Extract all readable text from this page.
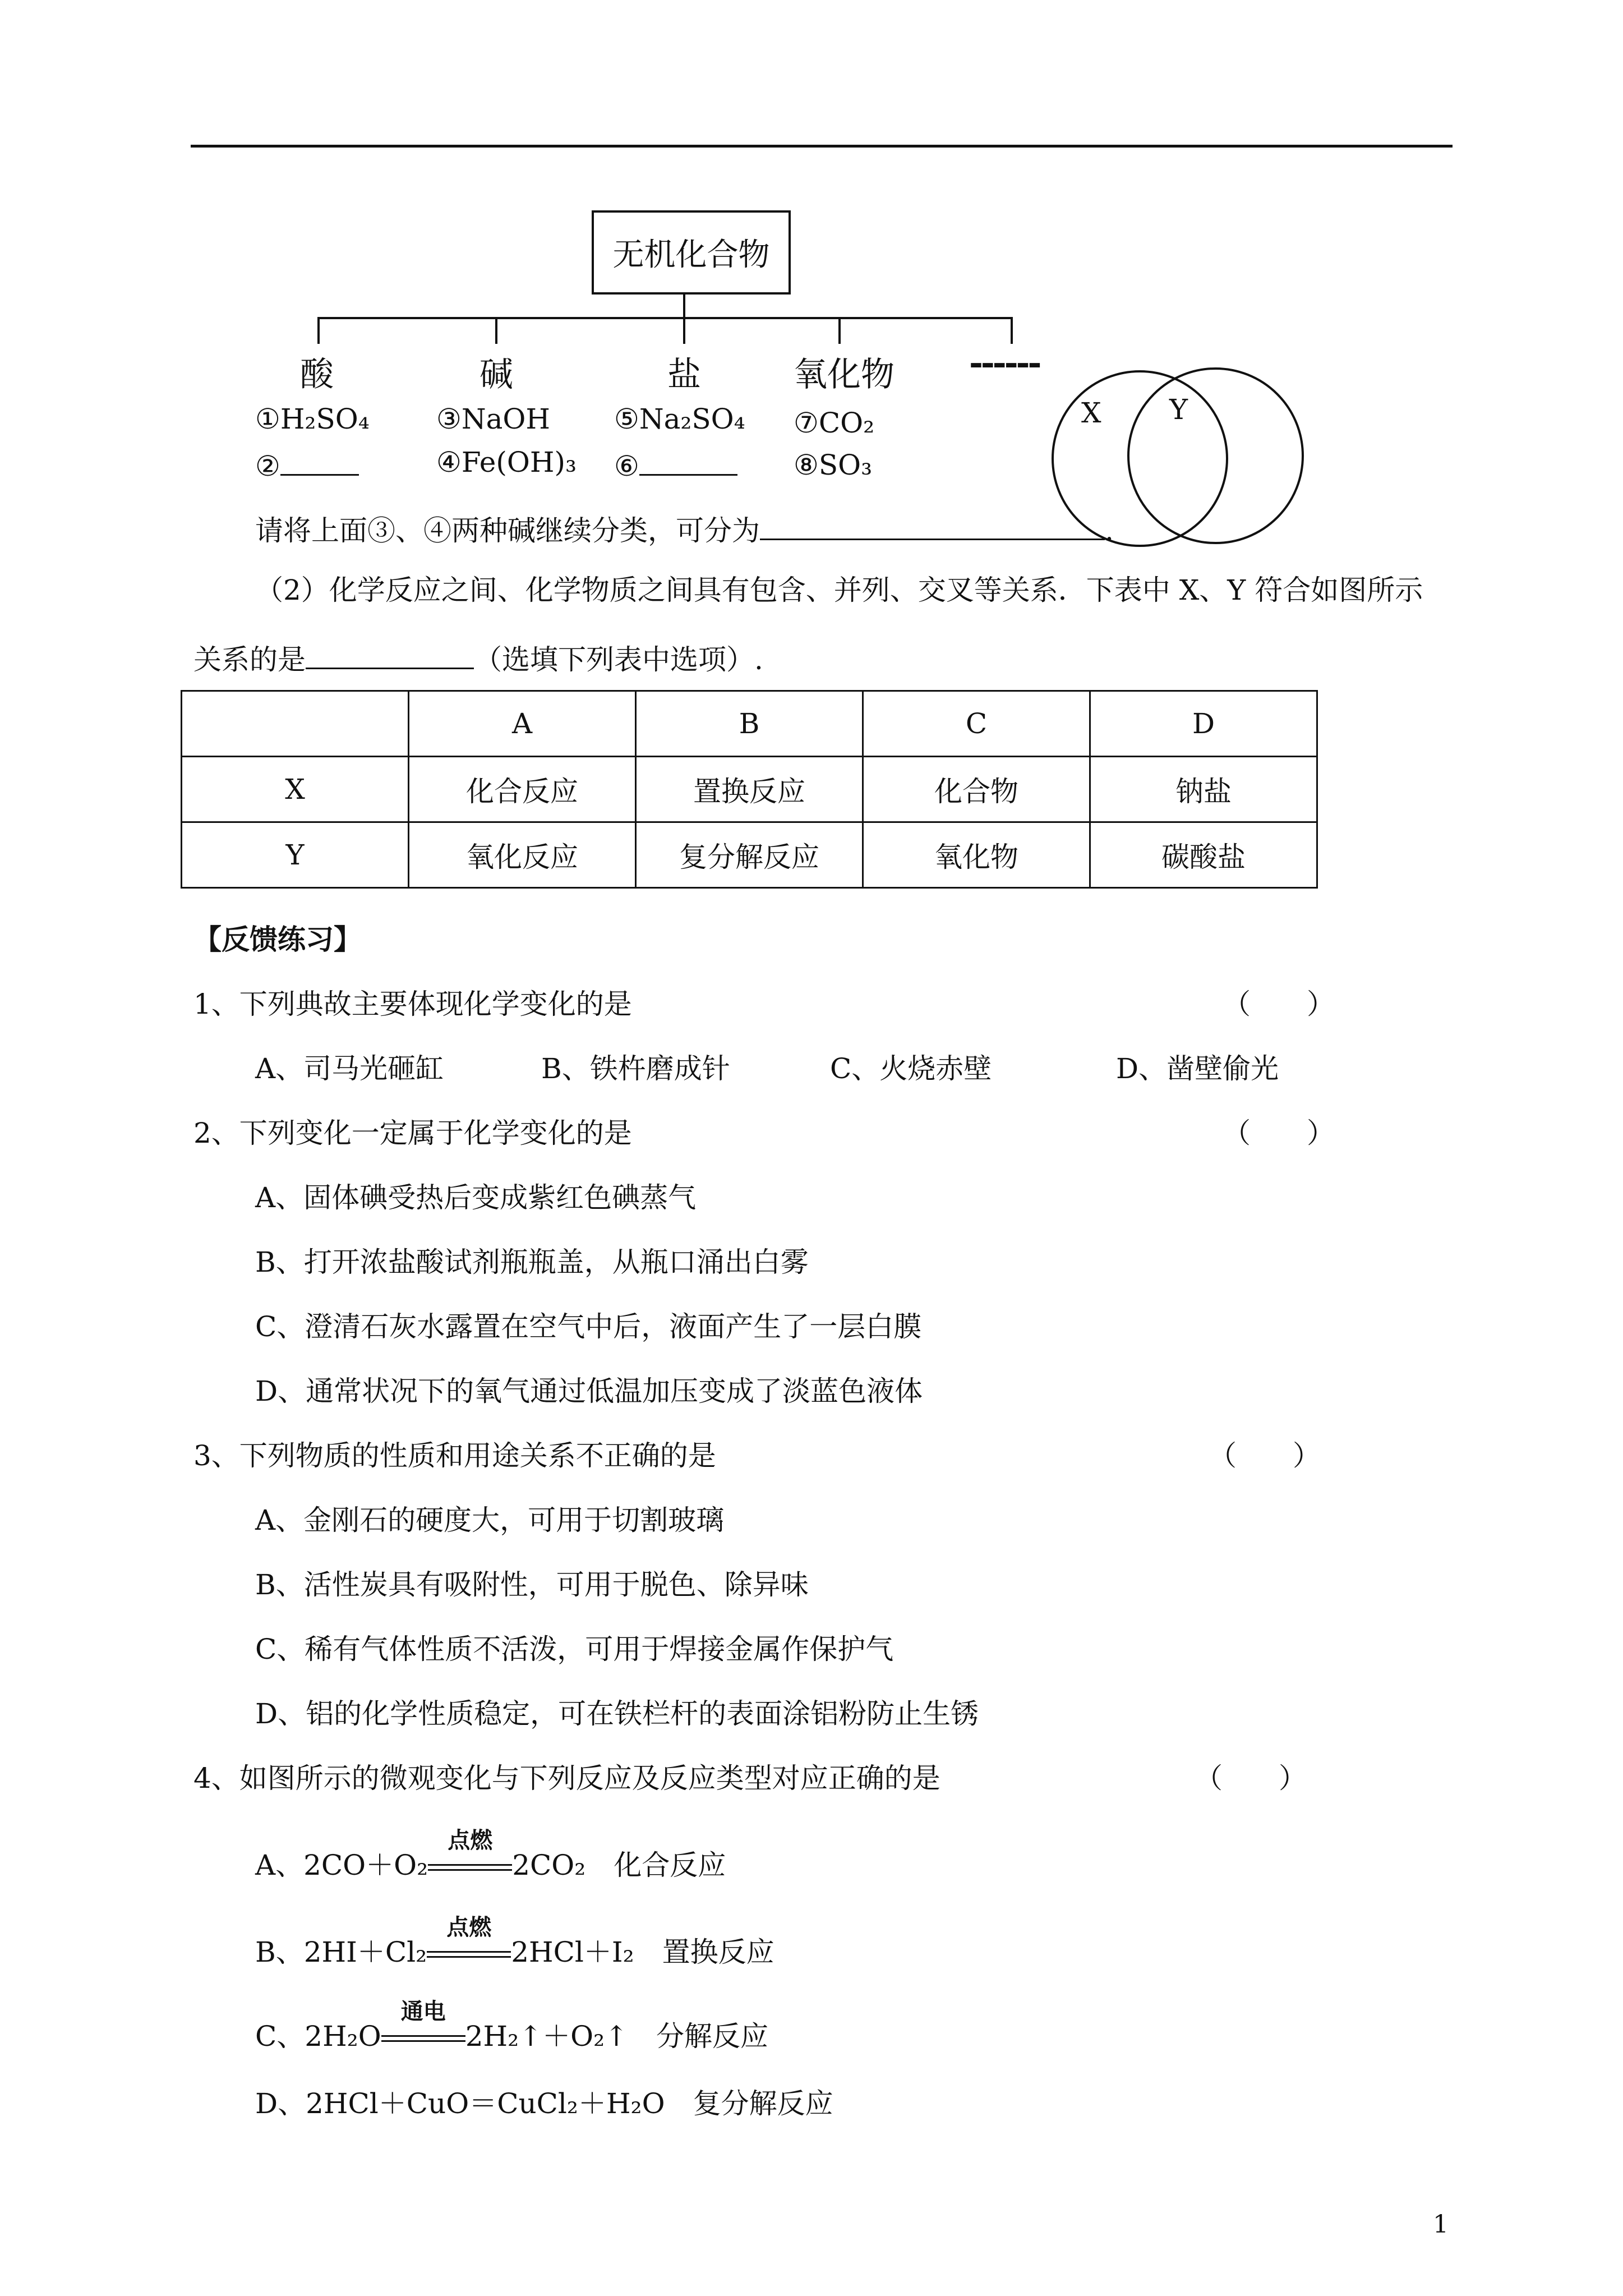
无机化合物
酸	碱	盐	氧化物 ------
①H₂SO₄
②
③NaOH
④Fe(OH)₃
⑤Na₂SO₄
⑥
⑦CO₂
⑧SO₃
X Y
请将上面③、④两种碱继续分类，可分为	.
（2）化学反应之间、化学物质之间具有包含、并列、交叉等关系．下表中 X、Y 符合如图所示
关系的是	（选填下列表中选项）.
	A	B	C	D
X	化合反应	置换反应	化合物	钠盐
Y	氧化反应	复分解反应	氧化物	碳酸盐
【反馈练习】
1、下列典故主要体现化学变化的是	（　　）
A、司马光砸缸	B、铁杵磨成针	C、火烧赤壁	D、凿壁偷光
2、下列变化一定属于化学变化的是	（　　）
A、固体碘受热后变成紫红色碘蒸气
B、打开浓盐酸试剂瓶瓶盖，从瓶口涌出白雾
C、澄清石灰水露置在空气中后，液面产生了一层白膜
D、通常状况下的氧气通过低温加压变成了淡蓝色液体
3、下列物质的性质和用途关系不正确的是	（　　）
A、金刚石的硬度大，可用于切割玻璃
B、活性炭具有吸附性，可用于脱色、除异味
C、稀有气体性质不活泼，可用于焊接金属作保护气
D、铝的化学性质稳定，可在铁栏杆的表面涂铝粉防止生锈
4、如图所示的微观变化与下列反应及反应类型对应正确的是	（　　）
A、2CO＋O₂
点燃
2CO₂　 化合反应
B、2HI＋Cl₂
点燃
2HCl＋I₂　 置换反应
C、2H₂O
通电
2H₂↑＋O₂↑　 分解反应
D、2HCl＋CuO＝CuCl₂＋H₂O　 复分解反应
1
